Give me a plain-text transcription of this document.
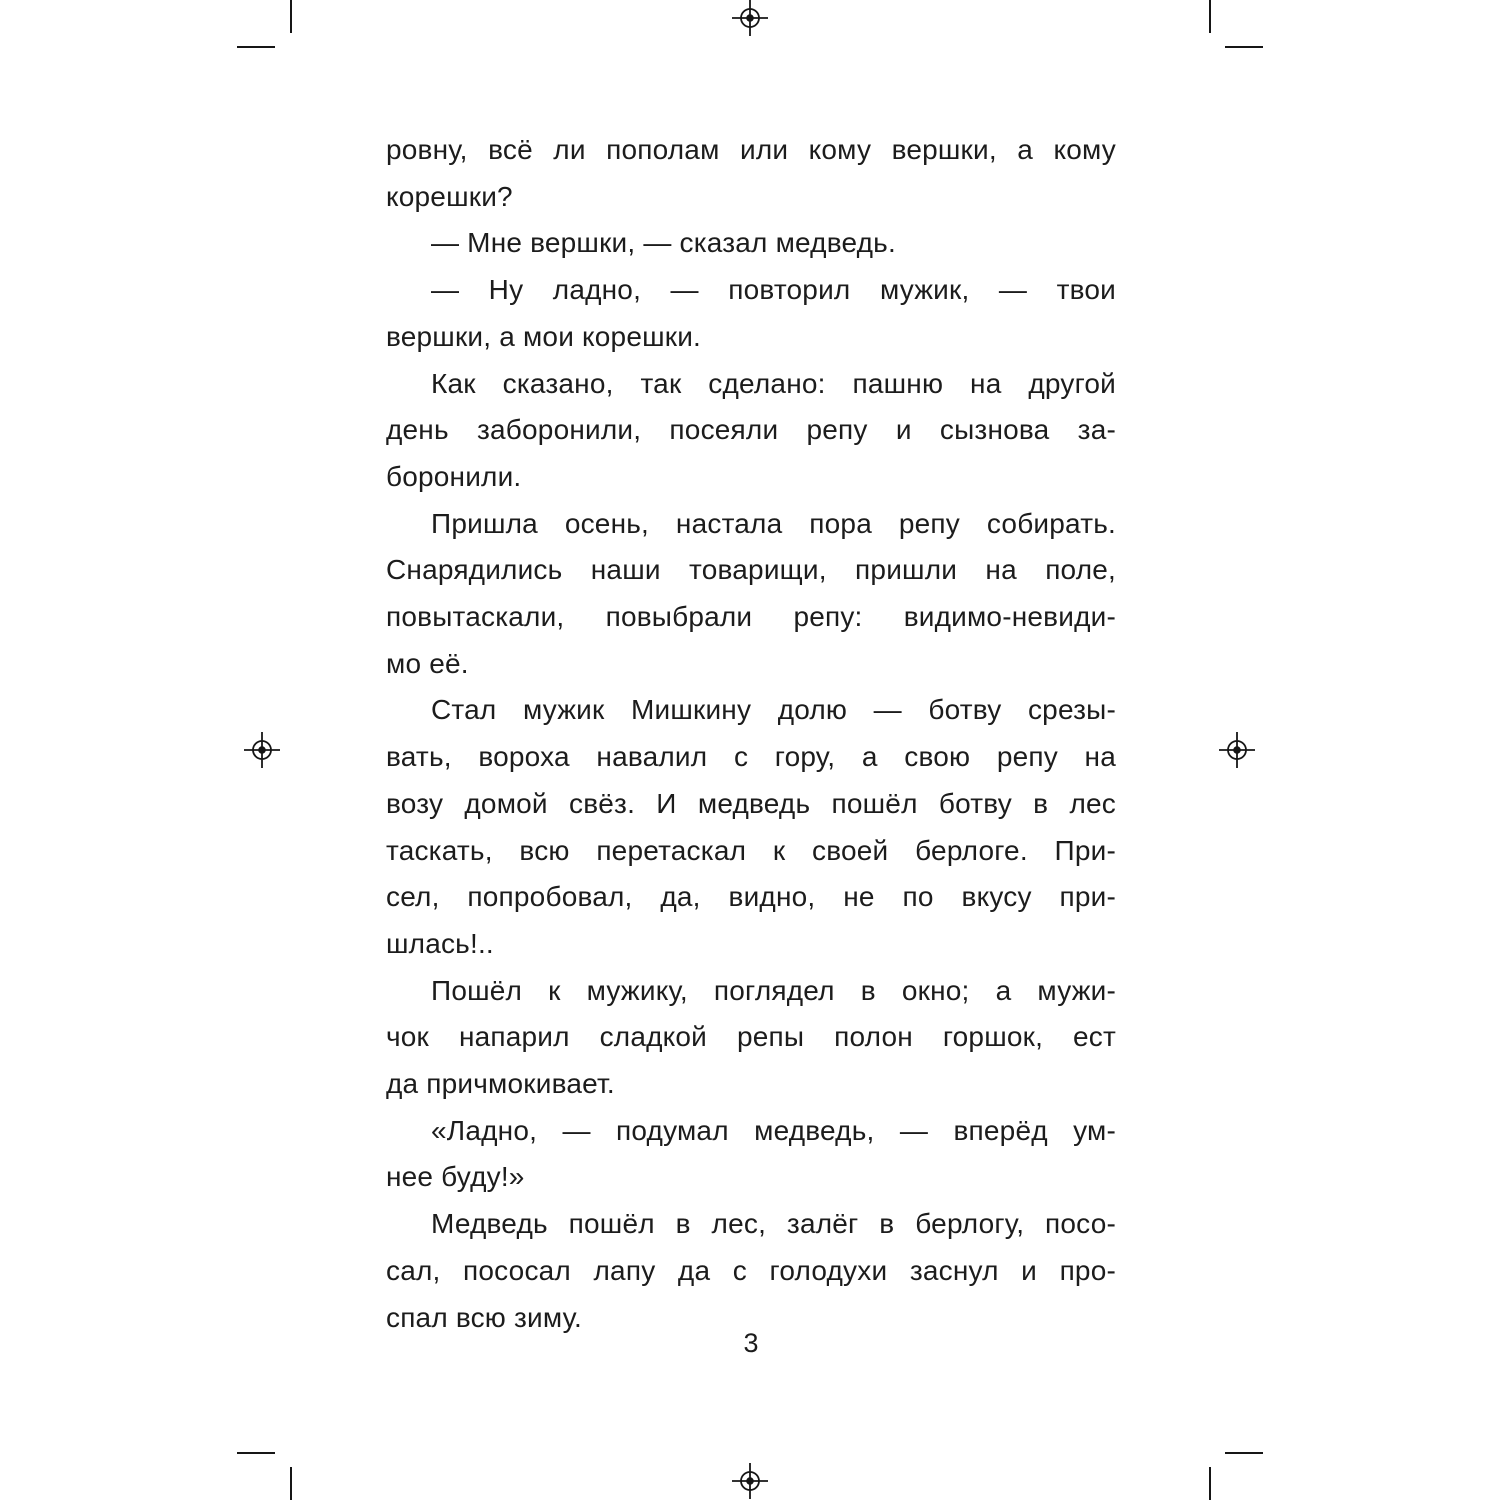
ровну, всё ли пополам или кому вершки, а кому
корешки?
— Мне вершки, — сказал медведь.
— Ну ладно, — повторил мужик, — твои
вершки, а мои корешки.
Как сказано, так сделано: пашню на другой
день заборонили, посеяли репу и сызнова за-
боронили.
Пришла осень, настала пора репу собирать.
Снарядились наши товарищи, пришли на поле,
повытаскали, повыбрали репу: видимо-невиди-
мо её.
Стал мужик Мишкину долю — ботву срезы-
вать, вороха навалил с гору, а свою репу на
возу домой свёз. И медведь пошёл ботву в лес
таскать, всю перетаскал к своей берлоге. При-
сел, попробовал, да, видно, не по вкусу при-
шлась!..
Пошёл к мужику, поглядел в окно; а мужи-
чок напарил сладкой репы полон горшок, ест
да причмокивает.
«Ладно, — подумал медведь, — вперёд ум-
нее буду!»
Медведь пошёл в лес, залёг в берлогу, посо-
сал, пососал лапу да с голодухи заснул и про-
спал всю зиму.
3
